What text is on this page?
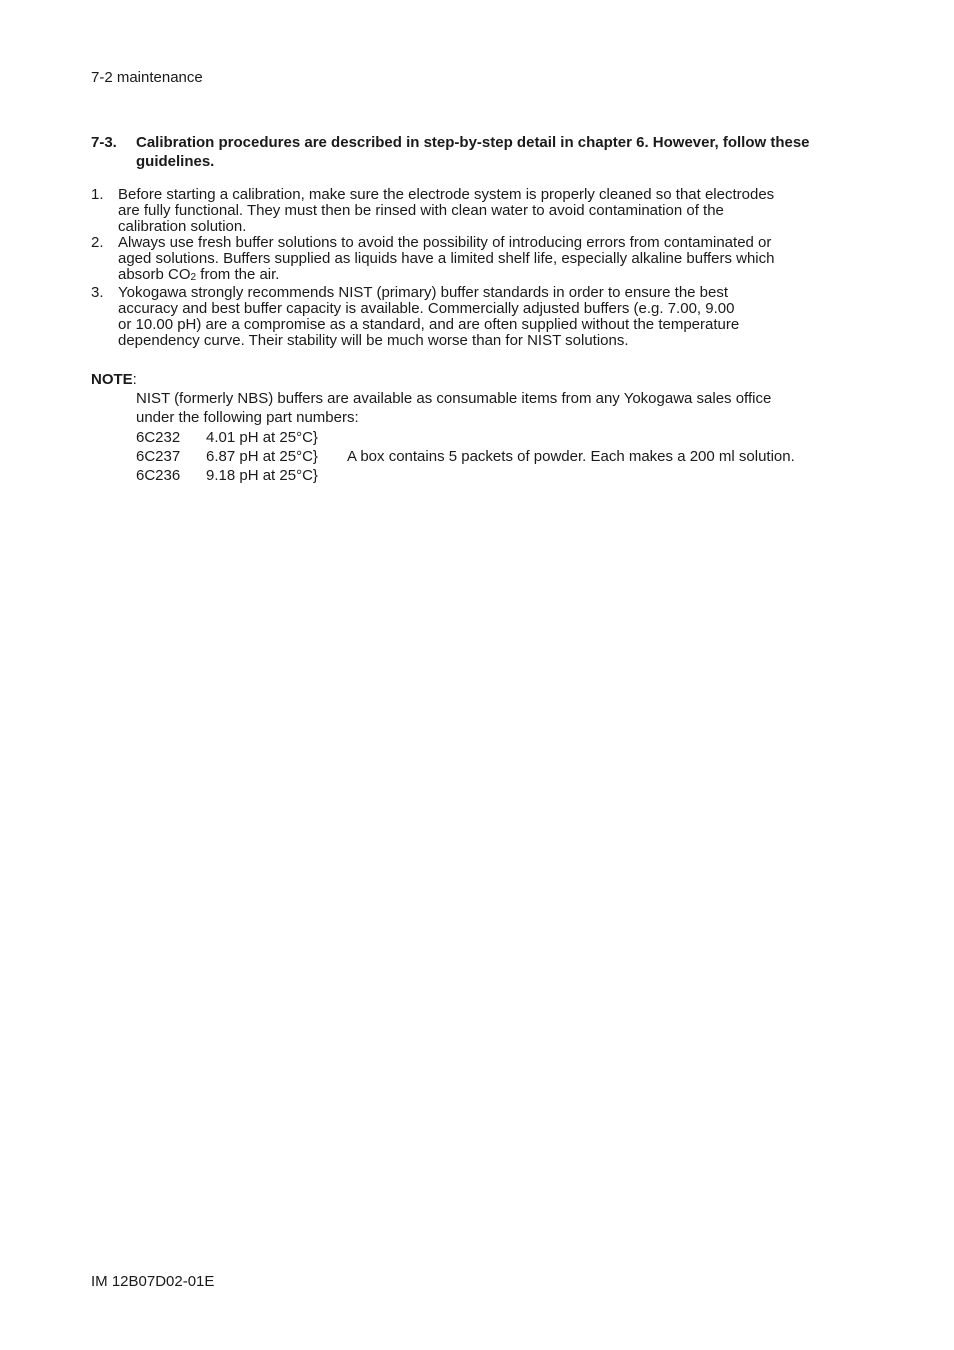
7-2 maintenance
7-3. Calibration procedures are described in step-by-step detail in chapter 6. However, follow these
guidelines.
1. Before starting a calibration, make sure the electrode system is properly cleaned so that electrodes
are fully functional. They must then be rinsed with clean water to avoid contamination of the
calibration solution.
2. Always use fresh buffer solutions to avoid the possibility of introducing errors from contaminated or
aged solutions. Buffers supplied as liquids have a limited shelf life, especially alkaline buffers which
absorb $CO_2$ from the air.
3. Yokogawa strongly recommends NIST (primary) buffer standards in order to ensure the best
accuracy and best buffer capacity is available. Commercially adjusted buffers (e.g. 7.00, 9.00
or 10.00 pH) are a compromise as a standard, and are often supplied without the temperature
dependency curve. Their stability will be much worse than for NIST solutions.
NOTE:
NIST (formerly NBS) buffers are available as consumable items from any Yokogawa sales office
under the following part numbers:
6C232	4.01 pH at 25°C}
6C237	6.87 pH at 25°C}	A box contains 5 packets of powder. Each makes a 200 ml solution.
6C236	9.18 pH at 25°C}
IM 12B07D02-01E
